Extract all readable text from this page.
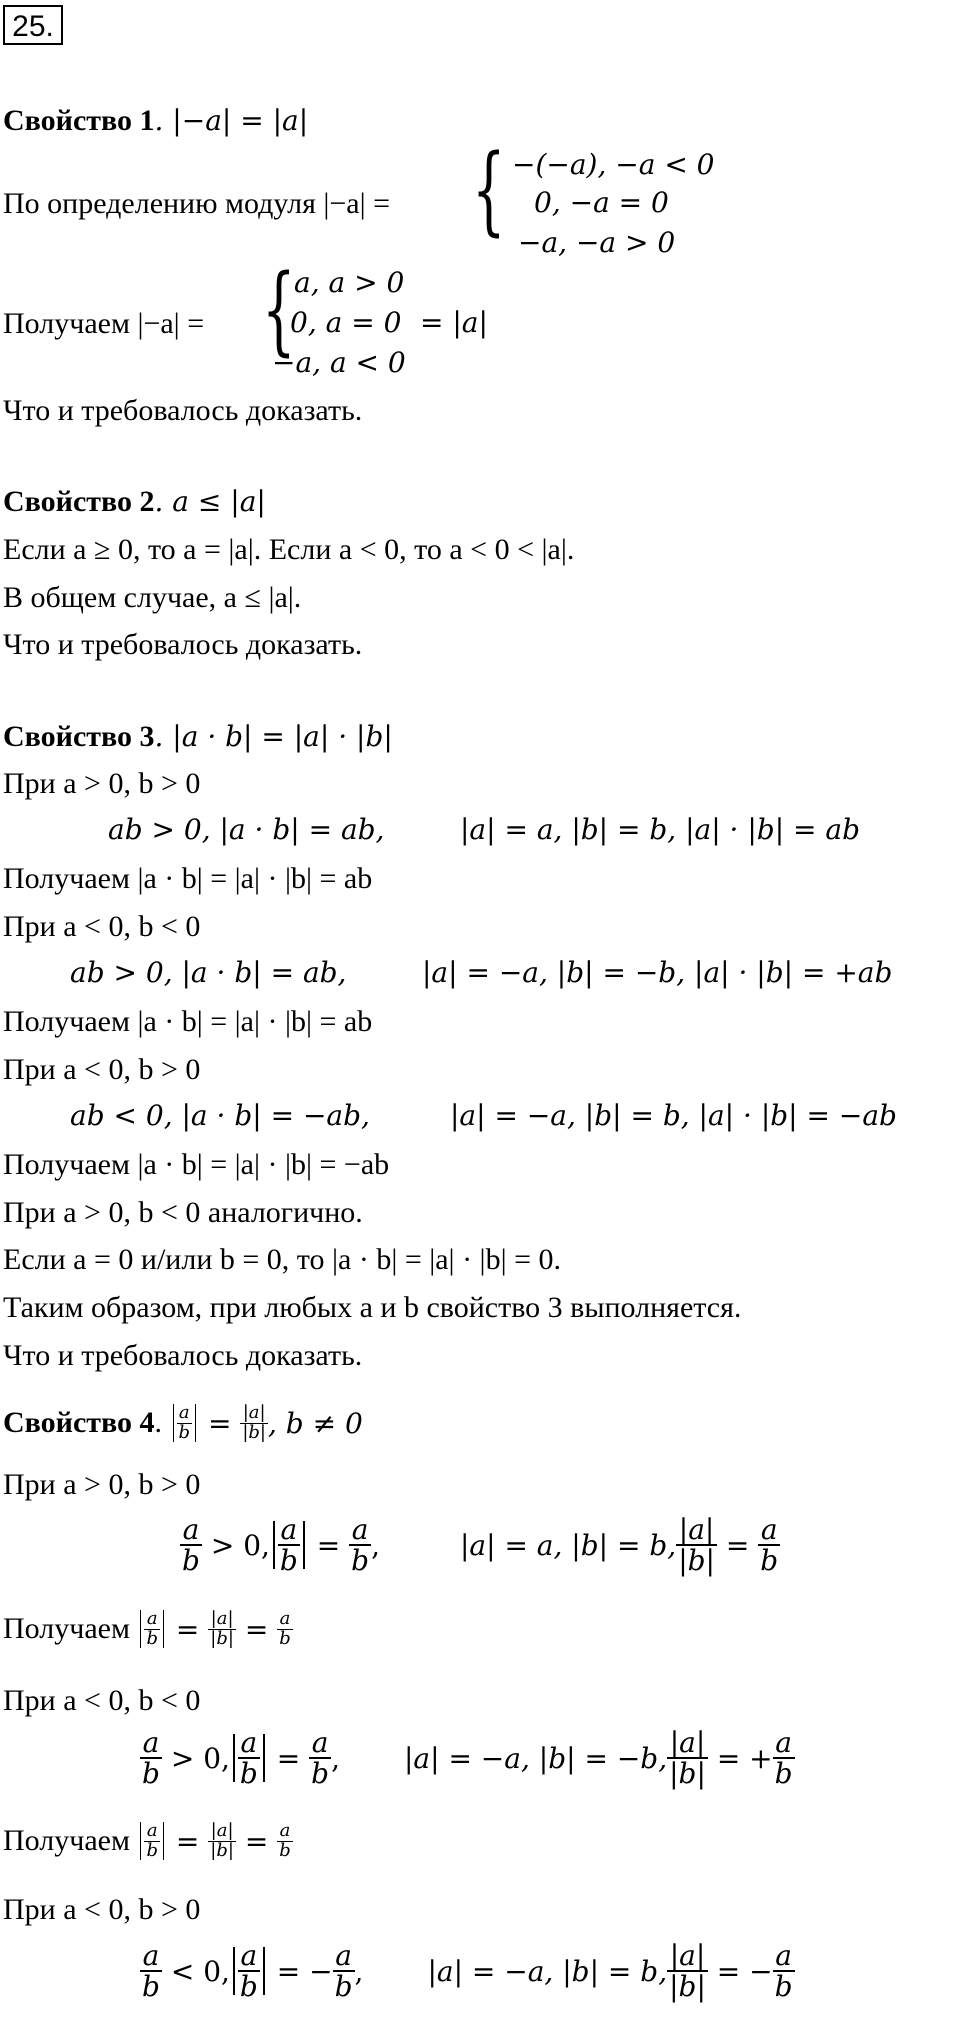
25.
Свойство 1. |−a| = |a|
По определению модуля |−a| = { −(−a), −a < 0
0, −a = 0
−a, −a > 0
Получаем |−a| = {
a, a > 0
0, a = 0 = |a|
−a, a < 0
Что и требовалось доказать.
Свойство 2. a ≤ |a|
Если a ≥ 0, то a = |a|. Если a < 0, то a < 0 < |a|.
В общем случае, a ≤ |a|.
Что и требовалось доказать.
Свойство 3. |a · b| = |a| · |b|
При a > 0, b > 0
ab > 0, |a · b| = ab,	|a| = a, |b| = b, |a| · |b| = ab
Получаем |a · b| = |a| · |b| = ab
При a < 0, b < 0
ab > 0, |a · b| = ab,	|a| = −a, |b| = −b, |a| · |b| = +ab
Получаем |a · b| = |a| · |b| = ab
При a < 0, b > 0
ab < 0, |a · b| = −ab,	|a| = −a, |b| = b, |a| · |b| = −ab
Получаем |a · b| = |a| · |b| = −ab
При a > 0, b < 0 аналогично.
Если a = 0 и/или b = 0, то |a · b| = |a| · |b| = 0.
Таким образом, при любых a и b свойство 3 выполняется.
Что и требовалось доказать.
Свойство 4 . $\frac{a}{b}$
=
$\frac{|a|}{|b|}$ , b ≠ 0
При a > 0, b > 0
$\frac{a}{b}$
> 0, $\frac{a}{b}$
=
$\frac{a}{b}$ ,	|a| = a, |b| = b, $\frac{|a|}{|b|}$
=
$\frac{a}{b}$
Получаем
$\frac{a}{b}$
=
$\frac{|a|}{|b|}$
=
$\frac{a}{b}$
При a < 0, b < 0
$\frac{a}{b}$
> 0, $\frac{a}{b}$
=
$\frac{a}{b}$ , |a| = −a, |b| = −b, $\frac{|a|}{|b|}$
= + $\frac{a}{b}$
Получаем
$\frac{a}{b}$
=
$\frac{|a|}{|b|}$
=
$\frac{a}{b}$
При a < 0, b > 0
$\frac{a}{b}$
< 0, $\frac{a}{b}$
= − $\frac{a}{b}$ , |a| = −a, |b| = b, $\frac{|a|}{|b|}$
= − $\frac{a}{b}$
